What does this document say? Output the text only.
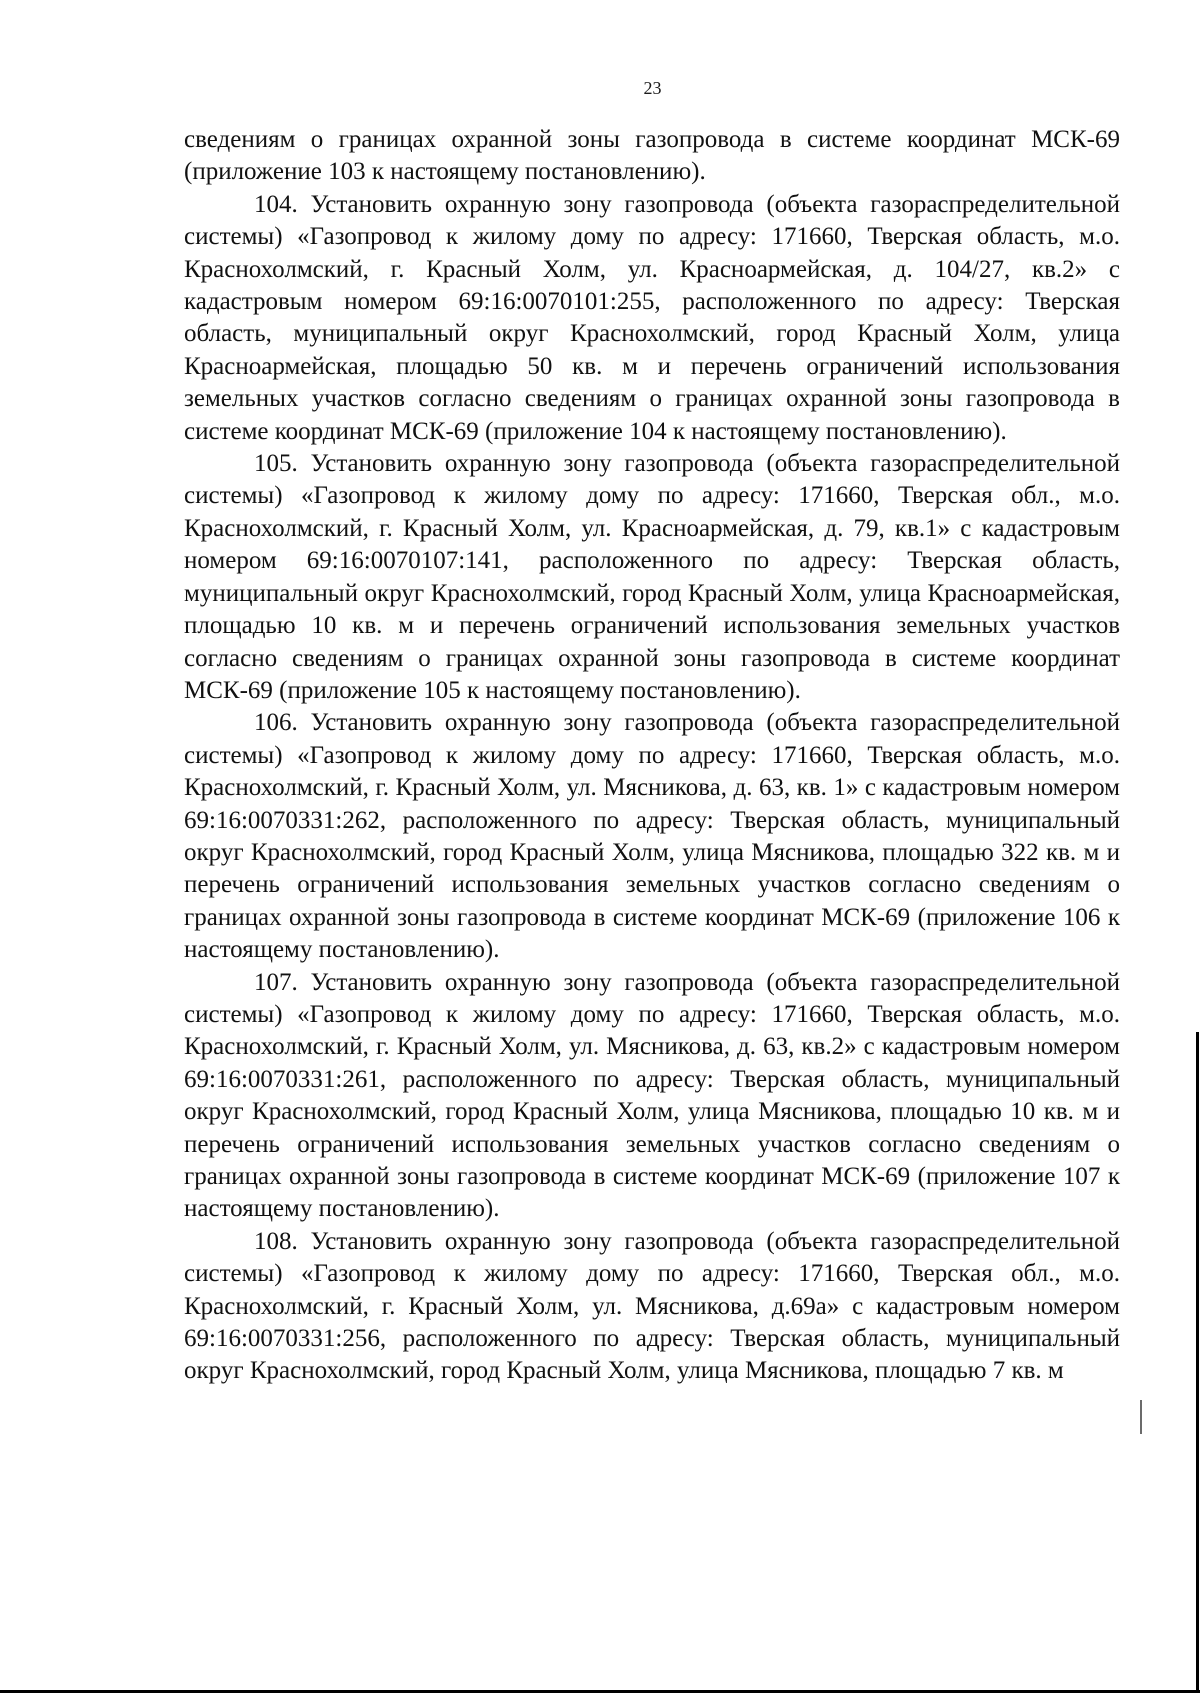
23

сведениям о границах охранной зоны газопровода в системе координат МСК-69 (приложение 103 к настоящему постановлению).

104. Установить охранную зону газопровода (объекта газораспределительной системы) «Газопровод к жилому дому по адресу: 171660, Тверская область, м.о. Краснохолмский, г. Красный Холм, ул. Красноармейская, д. 104/27, кв.2» с кадастровым номером 69:16:0070101:255, расположенного по адресу: Тверская область, муниципальный округ Краснохолмский, город Красный Холм, улица Красноармейская, площадью 50 кв. м и перечень ограничений использования земельных участков согласно сведениям о границах охранной зоны газопровода в системе координат МСК-69 (приложение 104 к настоящему постановлению).

105. Установить охранную зону газопровода (объекта газораспределительной системы) «Газопровод к жилому дому по адресу: 171660, Тверская обл., м.о. Краснохолмский, г. Красный Холм, ул. Красноармейская, д. 79, кв.1» с кадастровым номером 69:16:0070107:141, расположенного по адресу: Тверская область, муниципальный округ Краснохолмский, город Красный Холм, улица Красноармейская, площадью 10 кв. м и перечень ограничений использования земельных участков согласно сведениям о границах охранной зоны газопровода в системе координат МСК-69 (приложение 105 к настоящему постановлению).

106. Установить охранную зону газопровода (объекта газораспределительной системы) «Газопровод к жилому дому по адресу: 171660, Тверская область, м.о. Краснохолмский, г. Красный Холм, ул. Мясникова, д. 63, кв. 1» с кадастровым номером 69:16:0070331:262, расположенного по адресу: Тверская область, муниципальный округ Краснохолмский, город Красный Холм, улица Мясникова, площадью 322 кв. м и перечень ограничений использования земельных участков согласно сведениям о границах охранной зоны газопровода в системе координат МСК-69 (приложение 106 к настоящему постановлению).

107. Установить охранную зону газопровода (объекта газораспределительной системы) «Газопровод к жилому дому по адресу: 171660, Тверская область, м.о. Краснохолмский, г. Красный Холм, ул. Мясникова, д. 63, кв.2» с кадастровым номером 69:16:0070331:261, расположенного по адресу: Тверская область, муниципальный округ Краснохолмский, город Красный Холм, улица Мясникова, площадью 10 кв. м и перечень ограничений использования земельных участков согласно сведениям о границах охранной зоны газопровода в системе координат МСК-69 (приложение 107 к настоящему постановлению).

108. Установить охранную зону газопровода (объекта газораспределительной системы) «Газопровод к жилому дому по адресу: 171660, Тверская обл., м.о. Краснохолмский, г. Красный Холм, ул. Мясникова, д.69а» с кадастровым номером 69:16:0070331:256, расположенного по адресу: Тверская область, муниципальный округ Краснохолмский, город Красный Холм, улица Мясникова, площадью 7 кв. м
